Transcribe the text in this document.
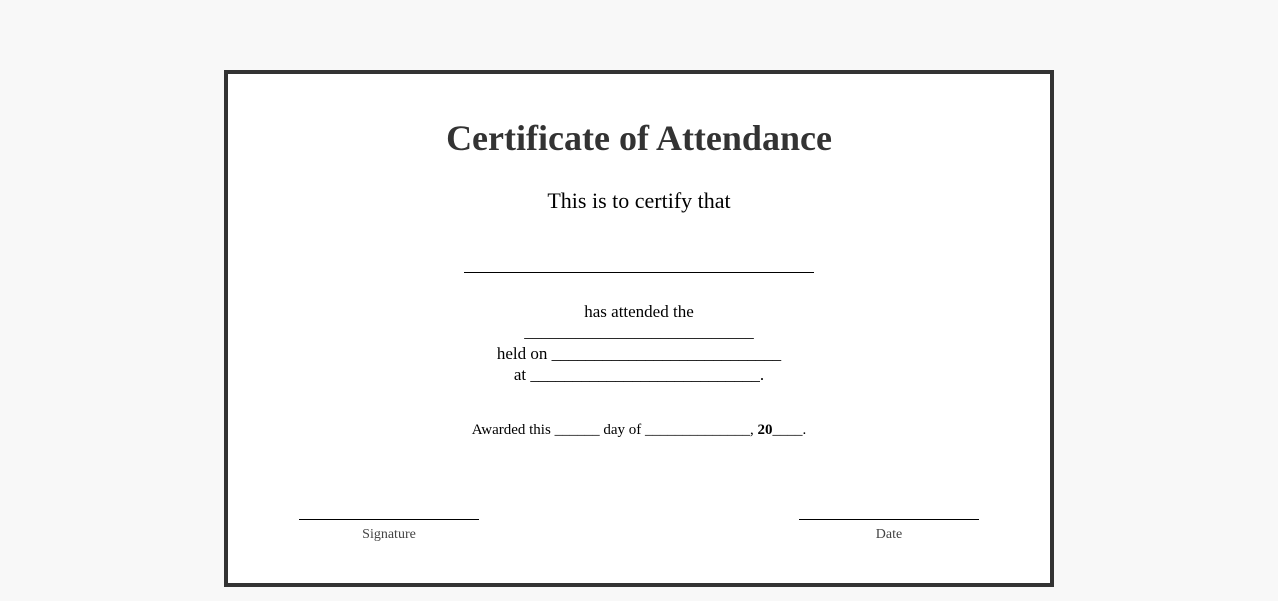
Certificate of Attendance
This is to certify that
has attended the
___________________________
held on ___________________________
at ___________________________.
Awarded this ______ day of ______________, 20____.
Signature	Date
